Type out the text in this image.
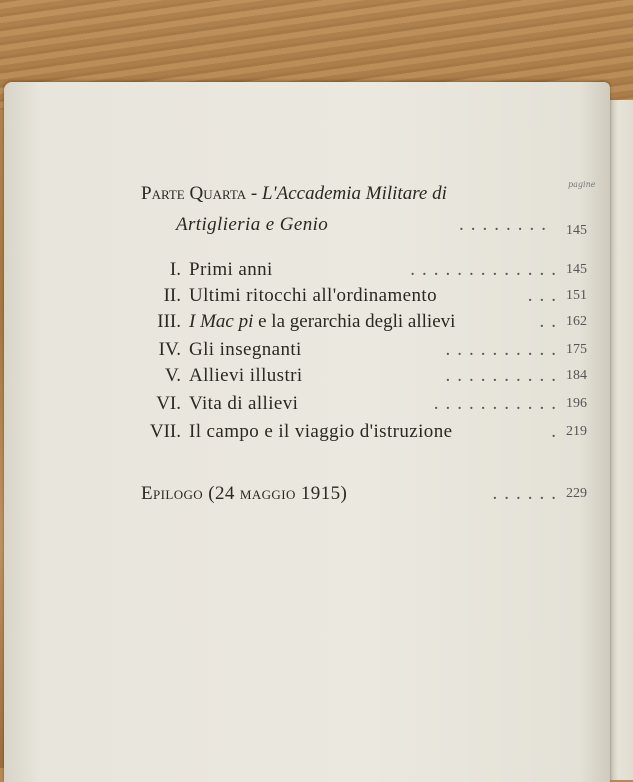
pagine
Parte Quarta - L'Accademia Militare di
Artiglieria e Genio	........ 145
I. Primi anni	............. 145
II. Ultimi ritocchi all'ordinamento	... 151
III. I Mac pi e la gerarchia degli allievi	.. 162
IV. Gli insegnanti	.......... 175
V. Allievi illustri	.......... 184
VI. Vita di allievi	........... 196
VII. Il campo e il viaggio d'istruzione	. 219
Epilogo (24 maggio 1915)	...... 229
